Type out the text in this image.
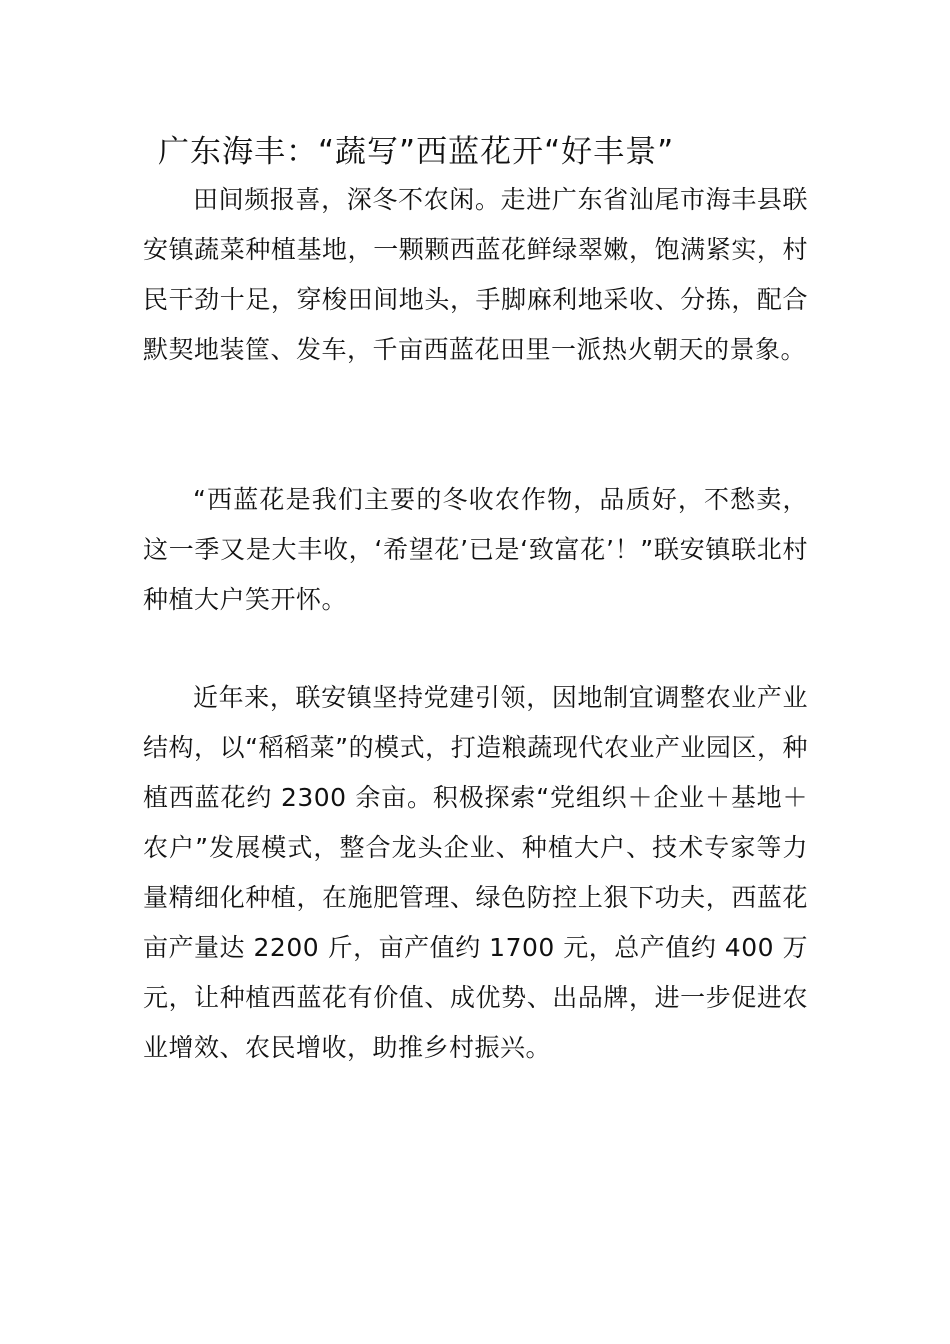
广东海丰：“蔬写”西蓝花开“好丰景”

田间频报喜，深冬不农闲。走进广东省汕尾市海丰县联安镇蔬菜种植基地，一颗颗西蓝花鲜绿翠嫩，饱满紧实，村民干劲十足，穿梭田间地头，手脚麻利地采收、分拣，配合默契地装筐、发车，千亩西蓝花田里一派热火朝天的景象。

“西蓝花是我们主要的冬收农作物，品质好，不愁卖，这一季又是大丰收，‘希望花’已是‘致富花’！”联安镇联北村种植大户笑开怀。

近年来，联安镇坚持党建引领，因地制宜调整农业产业结构，以“稻稻菜”的模式，打造粮蔬现代农业产业园区，种植西蓝花约 2300 余亩。积极探索“党组织＋企业＋基地＋农户”发展模式，整合龙头企业、种植大户、技术专家等力量精细化种植，在施肥管理、绿色防控上狠下功夫，西蓝花亩产量达 2200 斤，亩产值约 1700 元，总产值约 400 万元，让种植西蓝花有价值、成优势、出品牌，进一步促进农业增效、农民增收，助推乡村振兴。
